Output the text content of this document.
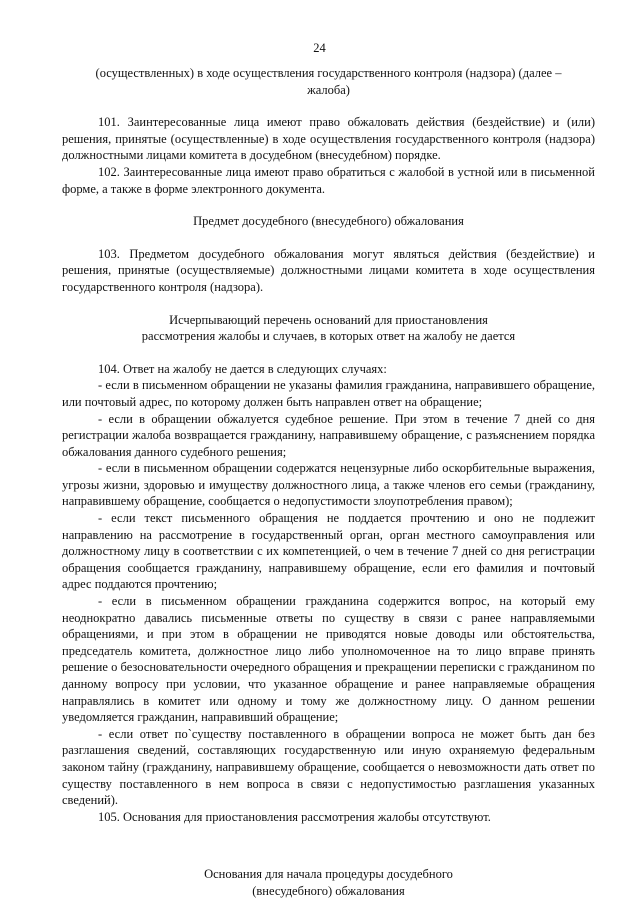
24
(осуществленных) в ходе осуществления государственного контроля (надзора) (далее –
жалоба)

101. Заинтересованные лица имеют право обжаловать действия (бездействие) и (или) решения, принятые (осуществленные) в ходе осуществления государственного контроля (надзора) должностными лицами комитета в досудебном (внесудебном) порядке.

102. Заинтересованные лица имеют право обратиться с жалобой в устной или в письменной форме, а также в форме электронного документа.

Предмет досудебного (внесудебного) обжалования

103. Предметом досудебного обжалования могут являться действия (бездействие) и решения, принятые (осуществляемые) должностными лицами комитета в ходе осуществления государственного контроля (надзора).

Исчерпывающий перечень оснований для приостановления

рассмотрения жалобы и случаев, в которых ответ на жалобу не дается

104. Ответ на жалобу не дается в следующих случаях:

- если в письменном обращении не указаны фамилия гражданина, направившего обращение, или почтовый адрес, по которому должен быть направлен ответ на обращение;

- если в обращении обжалуется судебное решение. При этом в течение 7 дней со дня регистрации жалоба возвращается гражданину, направившему обращение, с разъяснением порядка обжалования данного судебного решения;

- если в письменном обращении содержатся нецензурные либо оскорбительные выражения, угрозы жизни, здоровью и имуществу должностного лица, а также членов его семьи (гражданину, направившему обращение, сообщается о недопустимости злоупотребления правом);

- если текст письменного обращения не поддается прочтению и оно не подлежит направлению на рассмотрение в государственный орган, орган местного самоуправления или должностному лицу в соответствии с их компетенцией, о чем в течение 7 дней со дня регистрации обращения сообщается гражданину, направившему обращение, если его фамилия и почтовый адрес поддаются прочтению;

- если в письменном обращении гражданина содержится вопрос, на который ему неоднократно давались письменные ответы по существу в связи с ранее направляемыми обращениями, и при этом в обращении не приводятся новые доводы или обстоятельства, председатель комитета, должностное лицо либо уполномоченное на то лицо вправе принять решение о безосновательности очередного обращения и прекращении переписки с гражданином по данному вопросу при условии, что указанное обращение и ранее направляемые обращения направлялись в комитет или одному и тому же должностному лицу. О данном решении уведомляется гражданин, направивший обращение;

- если ответ по`существу поставленного в обращении вопроса не может быть дан без разглашения сведений, составляющих государственную или иную охраняемую федеральным законом тайну (гражданину, направившему обращение, сообщается о невозможности дать ответ по существу поставленного в нем вопроса в связи с недопустимостью разглашения указанных сведений).

105. Основания для приостановления рассмотрения жалобы отсутствуют.

Основания для начала процедуры досудебного

(внесудебного) обжалования
